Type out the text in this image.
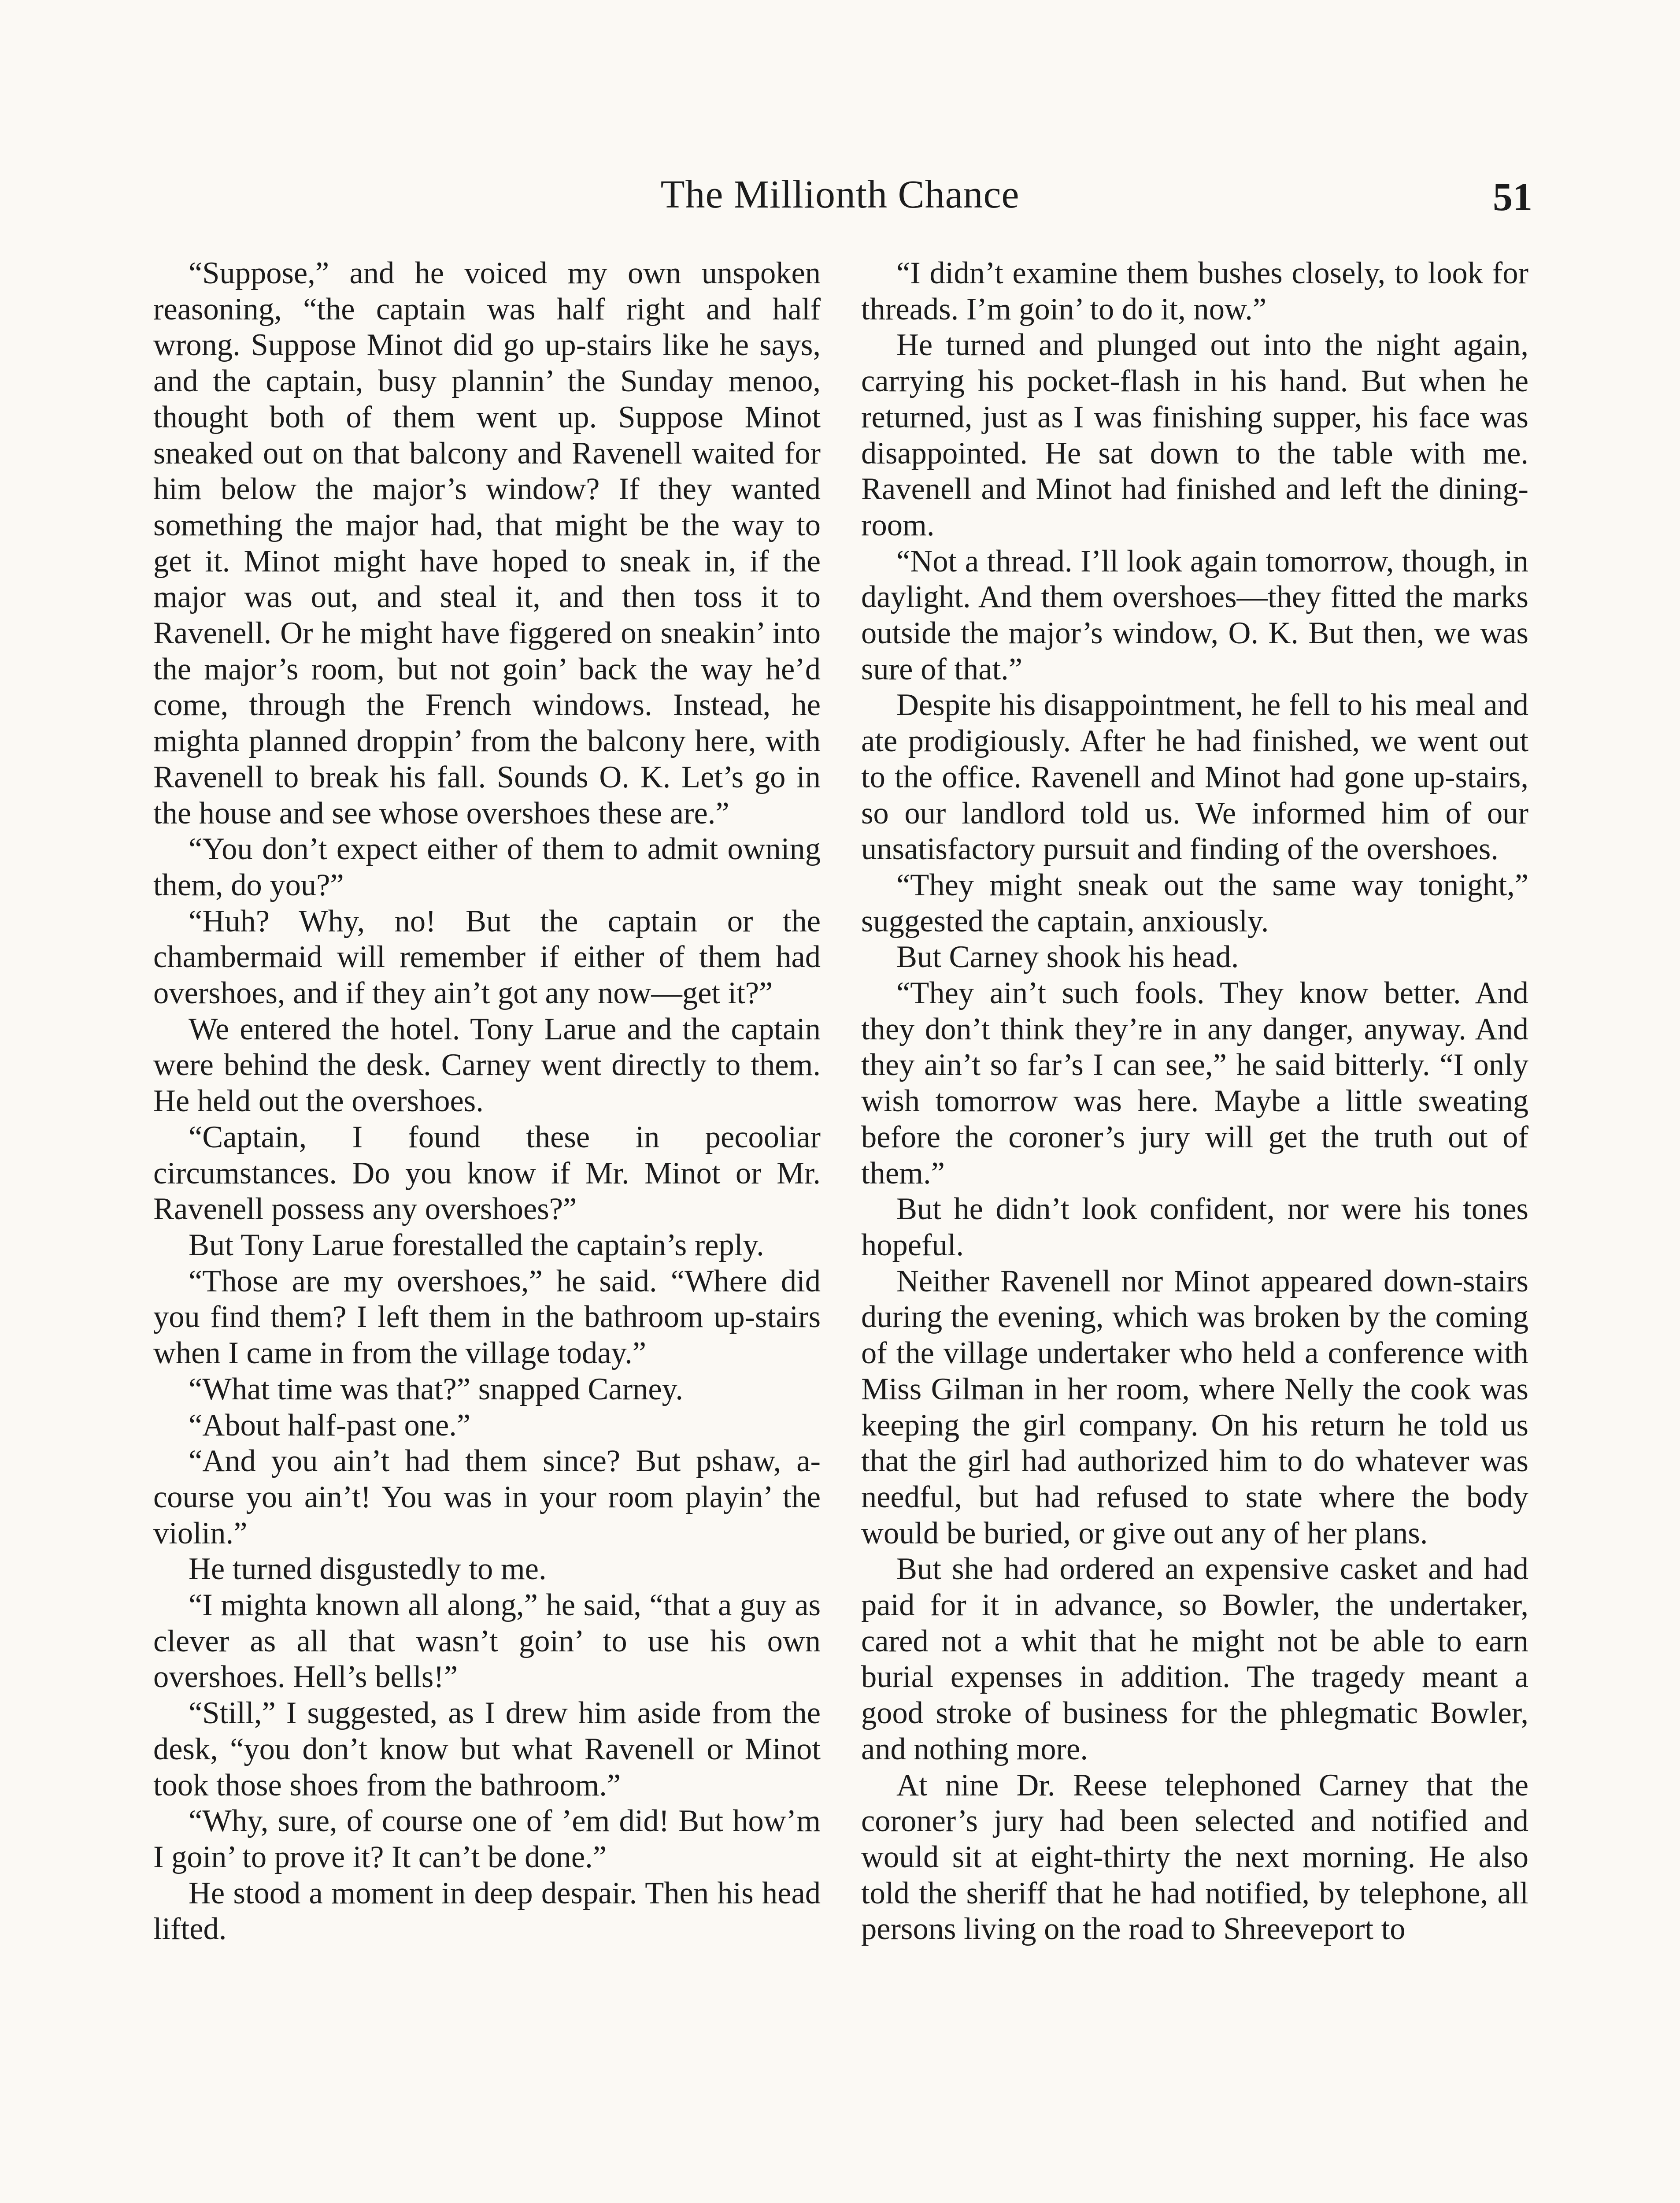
The Millionth Chance	51

“Suppose,” and he voiced my own unspoken reasoning, “the captain was half right and half wrong. Suppose Minot did go up-stairs like he says, and the captain, busy plannin’ the Sunday menoo, thought both of them went up. Suppose Minot sneaked out on that balcony and Ravenell waited for him below the major’s window? If they wanted something the major had, that might be the way to get it. Minot might have hoped to sneak in, if the major was out, and steal it, and then toss it to Ravenell. Or he might have figgered on sneakin’ into the major’s room, but not goin’ back the way he’d come, through the French windows. Instead, he mighta planned droppin’ from the balcony here, with Ravenell to break his fall. Sounds O. K. Let’s go in the house and see whose overshoes these are.”

“You don’t expect either of them to admit owning them, do you?”

“Huh? Why, no! But the captain or the chambermaid will remember if either of them had overshoes, and if they ain’t got any now—get it?”

We entered the hotel. Tony Larue and the captain were behind the desk. Carney went directly to them. He held out the overshoes.

“Captain, I found these in pecooliar circumstances. Do you know if Mr. Minot or Mr. Ravenell possess any overshoes?”

But Tony Larue forestalled the captain’s reply.

“Those are my overshoes,” he said. “Where did you find them? I left them in the bathroom up-stairs when I came in from the village today.”

“What time was that?” snapped Carney.

“About half-past one.”

“And you ain’t had them since? But pshaw, a-course you ain’t! You was in your room playin’ the violin.”

He turned disgustedly to me.

“I mighta known all along,” he said, “that a guy as clever as all that wasn’t goin’ to use his own overshoes. Hell’s bells!”

“Still,” I suggested, as I drew him aside from the desk, “you don’t know but what Ravenell or Minot took those shoes from the bathroom.”

“Why, sure, of course one of ’em did! But how’m I goin’ to prove it? It can’t be done.”

He stood a moment in deep despair. Then his head lifted.

“I didn’t examine them bushes closely, to look for threads. I’m goin’ to do it, now.”

He turned and plunged out into the night again, carrying his pocket-flash in his hand. But when he returned, just as I was finishing supper, his face was disappointed. He sat down to the table with me. Ravenell and Minot had finished and left the dining-room.

“Not a thread. I’ll look again tomorrow, though, in daylight. And them overshoes—they fitted the marks outside the major’s window, O. K. But then, we was sure of that.”

Despite his disappointment, he fell to his meal and ate prodigiously. After he had finished, we went out to the office. Ravenell and Minot had gone up-stairs, so our landlord told us. We informed him of our unsatisfactory pursuit and finding of the overshoes.

“They might sneak out the same way tonight,” suggested the captain, anxiously.

But Carney shook his head.

“They ain’t such fools. They know better. And they don’t think they’re in any danger, anyway. And they ain’t so far’s I can see,” he said bitterly. “I only wish tomorrow was here. Maybe a little sweating before the coroner’s jury will get the truth out of them.”

But he didn’t look confident, nor were his tones hopeful.

Neither Ravenell nor Minot appeared down-stairs during the evening, which was broken by the coming of the village undertaker who held a conference with Miss Gilman in her room, where Nelly the cook was keeping the girl company. On his return he told us that the girl had authorized him to do whatever was needful, but had refused to state where the body would be buried, or give out any of her plans.

But she had ordered an expensive casket and had paid for it in advance, so Bowler, the undertaker, cared not a whit that he might not be able to earn burial expenses in addition. The tragedy meant a good stroke of business for the phlegmatic Bowler, and nothing more.

At nine Dr. Reese telephoned Carney that the coroner’s jury had been selected and notified and would sit at eight-thirty the next morning. He also told the sheriff that he had notified, by telephone, all persons living on the road to Shreeveport to
